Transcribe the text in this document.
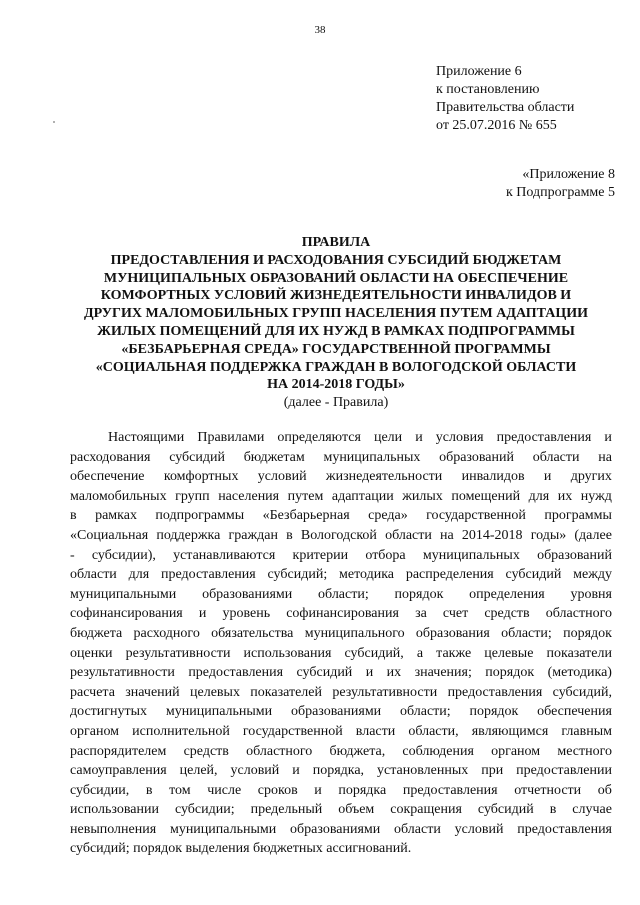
38
Приложение 6
к постановлению
Правительства области
от 25.07.2016 № 655
«Приложение 8
к Подпрограмме 5
ПРАВИЛА
ПРЕДОСТАВЛЕНИЯ И РАСХОДОВАНИЯ СУБСИДИЙ БЮДЖЕТАМ
МУНИЦИПАЛЬНЫХ ОБРАЗОВАНИЙ ОБЛАСТИ НА ОБЕСПЕЧЕНИЕ
КОМФОРТНЫХ УСЛОВИЙ ЖИЗНЕДЕЯТЕЛЬНОСТИ ИНВАЛИДОВ И
ДРУГИХ МАЛОМОБИЛЬНЫХ ГРУПП НАСЕЛЕНИЯ ПУТЕМ АДАПТАЦИИ
ЖИЛЫХ ПОМЕЩЕНИЙ ДЛЯ ИХ НУЖД В РАМКАХ ПОДПРОГРАММЫ
«БЕЗБАРЬЕРНАЯ СРЕДА» ГОСУДАРСТВЕННОЙ ПРОГРАММЫ
«СОЦИАЛЬНАЯ ПОДДЕРЖКА ГРАЖДАН В ВОЛОГОДСКОЙ ОБЛАСТИ
НА 2014-2018 ГОДЫ»
(далее - Правила)
Настоящими Правилами определяются цели и условия предоставления и
расходования субсидий бюджетам муниципальных образований области на
обеспечение комфортных условий жизнедеятельности инвалидов и других
маломобильных групп населения путем адаптации жилых помещений для их нужд
в рамках подпрограммы «Безбарьерная среда» государственной программы
«Социальная поддержка граждан в Вологодской области на 2014-2018 годы» (далее
- субсидии), устанавливаются критерии отбора муниципальных образований
области для предоставления субсидий; методика распределения субсидий между
муниципальными образованиями области; порядок определения уровня
софинансирования и уровень софинансирования за счет средств областного
бюджета расходного обязательства муниципального образования области; порядок
оценки результативности использования субсидий, а также целевые показатели
результативности предоставления субсидий и их значения; порядок (методика)
расчета значений целевых показателей результативности предоставления субсидий,
достигнутых муниципальными образованиями области; порядок обеспечения
органом исполнительной государственной власти области, являющимся главным
распорядителем средств областного бюджета, соблюдения органом местного
самоуправления целей, условий и порядка, установленных при предоставлении
субсидии, в том числе сроков и порядка предоставления отчетности об
использовании субсидии; предельный объем сокращения субсидий в случае
невыполнения муниципальными образованиями области условий предоставления
субсидий; порядок выделения бюджетных ассигнований.
